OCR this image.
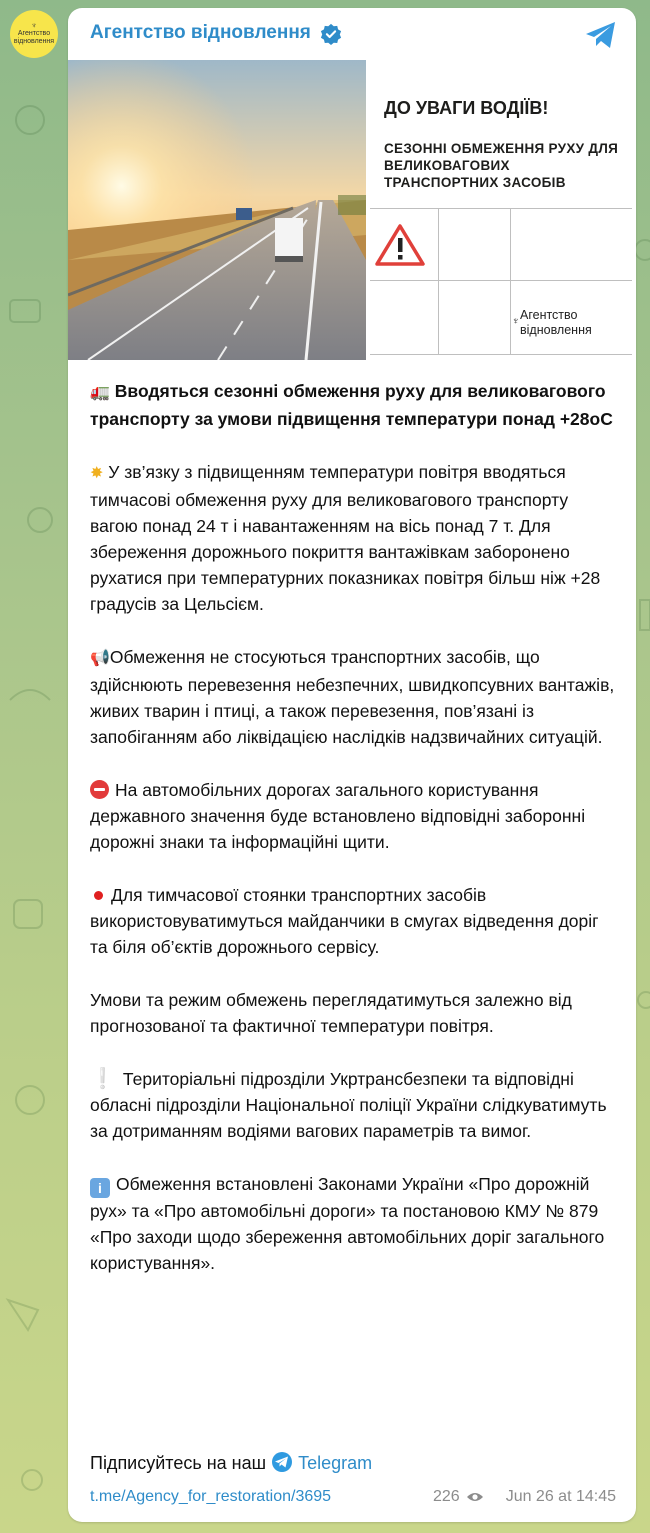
♆
Агентство
відновлення Агентство відновлення
ДО УВАГИ ВОДІЇВ!
СЕЗОННІ ОБМЕЖЕННЯ РУХУ ДЛЯ ВЕЛИКОВАГОВИХ ТРАНСПОРТНИХ ЗАСОБІВ
♆ Агентство
відновлення

🚛 Вводяться сезонні обмеження руху для великовагового транспорту за умови підвищення температури понад +28оС

✸ У зв’язку з підвищенням температури повітря вводяться тимчасові обмеження руху для великовагового транспорту вагою понад 24 т і навантаженням на вісь понад 7 т. Для збереження дорожнього покриття вантажівкам заборонено рухатися при температурних показниках повітря більш ніж +28 градусів за Цельсієм.

📢Обмеження не стосуються транспортних засобів, що здійснюють перевезення небезпечних, швидкопсувних вантажів, живих тварин і птиці, а також перевезення, пов’язані із запобіганням або ліквідацією наслідків надзвичайних ситуацій.

На автомобільних дорогах загального користування державного значення буде встановлено відповідні заборонні дорожні знаки та інформаційні щити.

Для тимчасової стоянки транспортних засобів використовуватимуться майданчики в смугах відведення доріг та біля об’єктів дорожнього сервісу.

Умови та режим обмежень переглядатимуться залежно від прогнозованої та фактичної температури повітря.

❕ Територіальні підрозділи Укртрансбезпеки та відповідні обласні підрозділи Національної поліції України слідкуватимуть за дотриманням водіями вагових параметрів та вимог.

i Обмеження встановлені Законами України «Про дорожній рух» та «Про автомобільні дороги» та постановою КМУ № 879 «Про заходи щодо збереження автомобільних доріг загального користування».

Підписуйтесь на наш Telegram
t.me/Agency_for_restoration/3695	226	Jun 26 at 14:45
